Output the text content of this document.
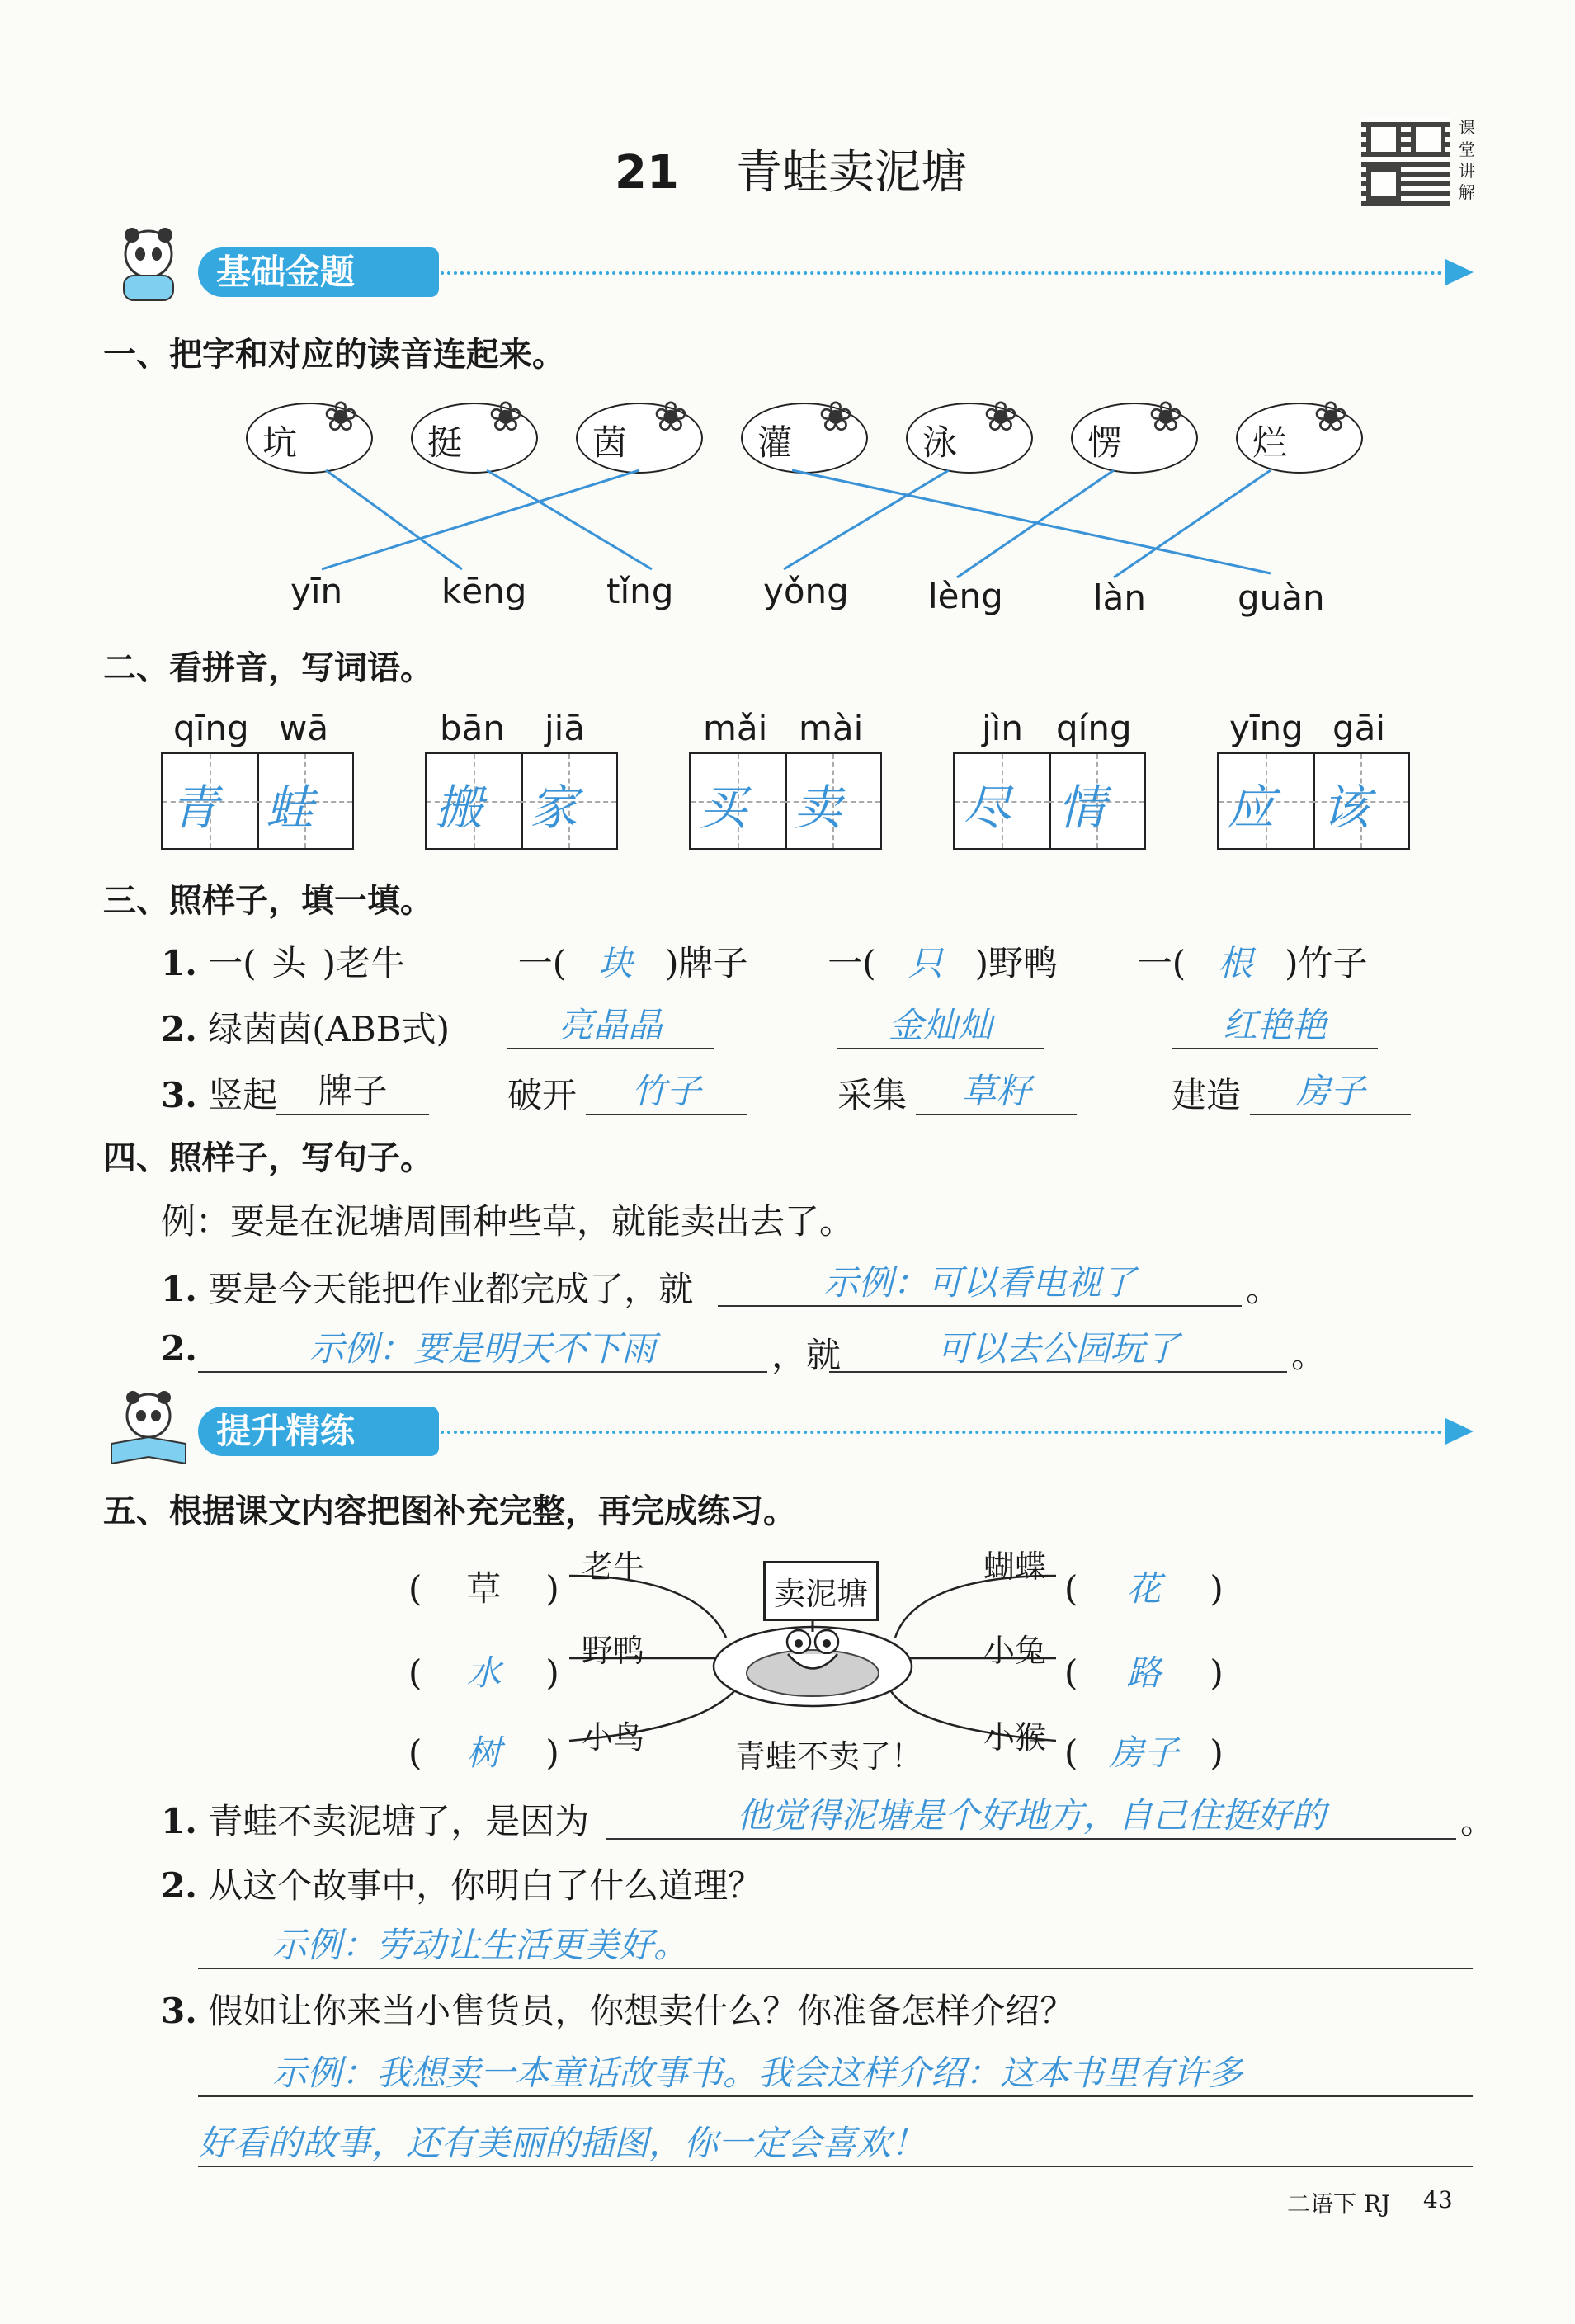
21 青蛙卖泥塘
课
堂
讲
解
基础金题
一、把字和对应的读音连起来。
坑
❀
挺
❀
茵
❀
灌
❀
泳
❀
愣
❀
烂
❀
yīn	kēng tǐng	yǒng lèng	làn	guàn
二、看拼音，写词语。
qīng wā
青 蛙
bān jiā
搬 家
mǎi mài
买 卖
jìn qíng
尽 情
yīng gāi
应 该
三、照样子，填一填。
1. 一( 头 )老牛	一( 块 )牌子 一( 只 )野鸭 一( 根 )竹子
2. 绿茵茵(ABB式)	亮晶晶	金灿灿	红艳艳
3. 竖起	牌子	破开	竹子	采集	草籽	建造	房子
四、照样子，写句子。
例：要是在泥塘周围种些草，就能卖出去了。
1. 要是今天能把作业都完成了，就	示例：可以看电视了	。
2.	示例：要是明天不下雨	，就	可以去公园玩了	。
提升精练
五、根据课文内容把图补充完整，再完成练习。
卖泥塘
青蛙不卖了！
( 草 )
老牛
( 水 )
野鸭
( 树 ) 小鸟
蝴蝶
( 花 )
小兔
( 路 )
小猴 ( 房子 )
1. 青蛙不卖泥塘了，是因为	他觉得泥塘是个好地方，自己住挺好的	。
2. 从这个故事中，你明白了什么道理？
示例：劳动让生活更美好。
3. 假如让你来当小售货员，你想卖什么？你准备怎样介绍？
示例：我想卖一本童话故事书。我会这样介绍：这本书里有许多
好看的故事，还有美丽的插图，你一定会喜欢！
二语下 RJ 43
